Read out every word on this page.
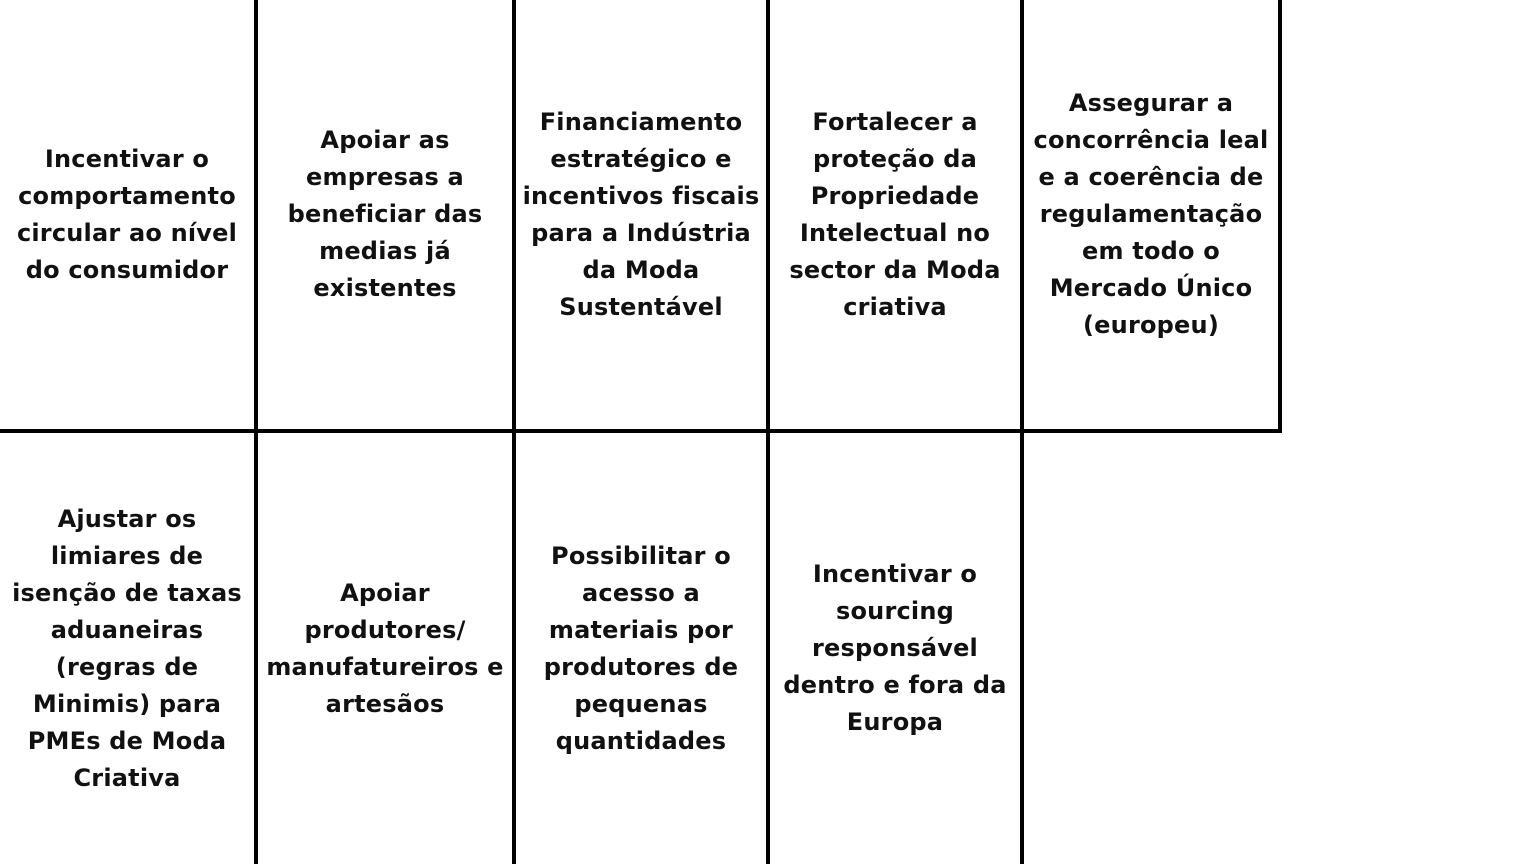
Incentivar o comportamento circular ao nível do consumidor
Apoiar as empresas a beneficiar das medias já existentes
Financiamento estratégico e incentivos fiscais para a Indústria da Moda Sustentável
Fortalecer a proteção da Propriedade Intelectual no sector da Moda criativa
Assegurar a concorrência leal e a coerência de regulamentação em todo o Mercado Único (europeu)
Ajustar os limiares de isenção de taxas aduaneiras (regras de Minimis) para PMEs de Moda Criativa
Apoiar produtores/ manufatureiros e artesãos
Possibilitar o acesso a materiais por produtores de pequenas quantidades
Incentivar o sourcing responsável dentro e fora da Europa
